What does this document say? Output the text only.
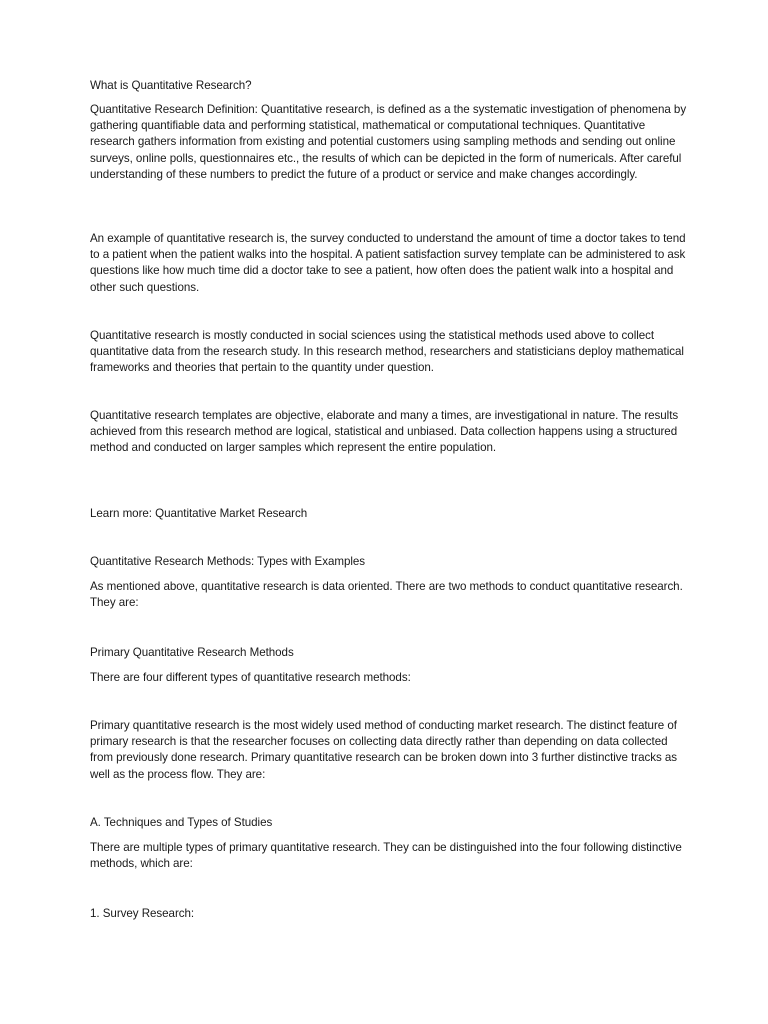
What is Quantitative Research?

Quantitative Research Definition: Quantitative research, is defined as a the systematic investigation of phenomena by gathering quantifiable data and performing statistical, mathematical or computational techniques. Quantitative research gathers information from existing and potential customers using sampling methods and sending out online surveys, online polls, questionnaires etc., the results of which can be depicted in the form of numericals. After careful understanding of these numbers to predict the future of a product or service and make changes accordingly.

An example of quantitative research is, the survey conducted to understand the amount of time a doctor takes to tend to a patient when the patient walks into the hospital. A patient satisfaction survey template can be administered to ask questions like how much time did a doctor take to see a patient, how often does the patient walk into a hospital and other such questions.

Quantitative research is mostly conducted in social sciences using the statistical methods used above to collect quantitative data from the research study. In this research method, researchers and statisticians deploy mathematical frameworks and theories that pertain to the quantity under question.

Quantitative research templates are objective, elaborate and many a times, are investigational in nature. The results achieved from this research method are logical, statistical and unbiased. Data collection happens using a structured method and conducted on larger samples which represent the entire population.

Learn more: Quantitative Market Research

Quantitative Research Methods: Types with Examples

As mentioned above, quantitative research is data oriented. There are two methods to conduct quantitative research. They are:

Primary Quantitative Research Methods

There are four different types of quantitative research methods:

Primary quantitative research is the most widely used method of conducting market research. The distinct feature of primary research is that the researcher focuses on collecting data directly rather than depending on data collected from previously done research. Primary quantitative research can be broken down into 3 further distinctive tracks as well as the process flow. They are:

A. Techniques and Types of Studies

There are multiple types of primary quantitative research. They can be distinguished into the four following distinctive methods, which are:

1. Survey Research:
